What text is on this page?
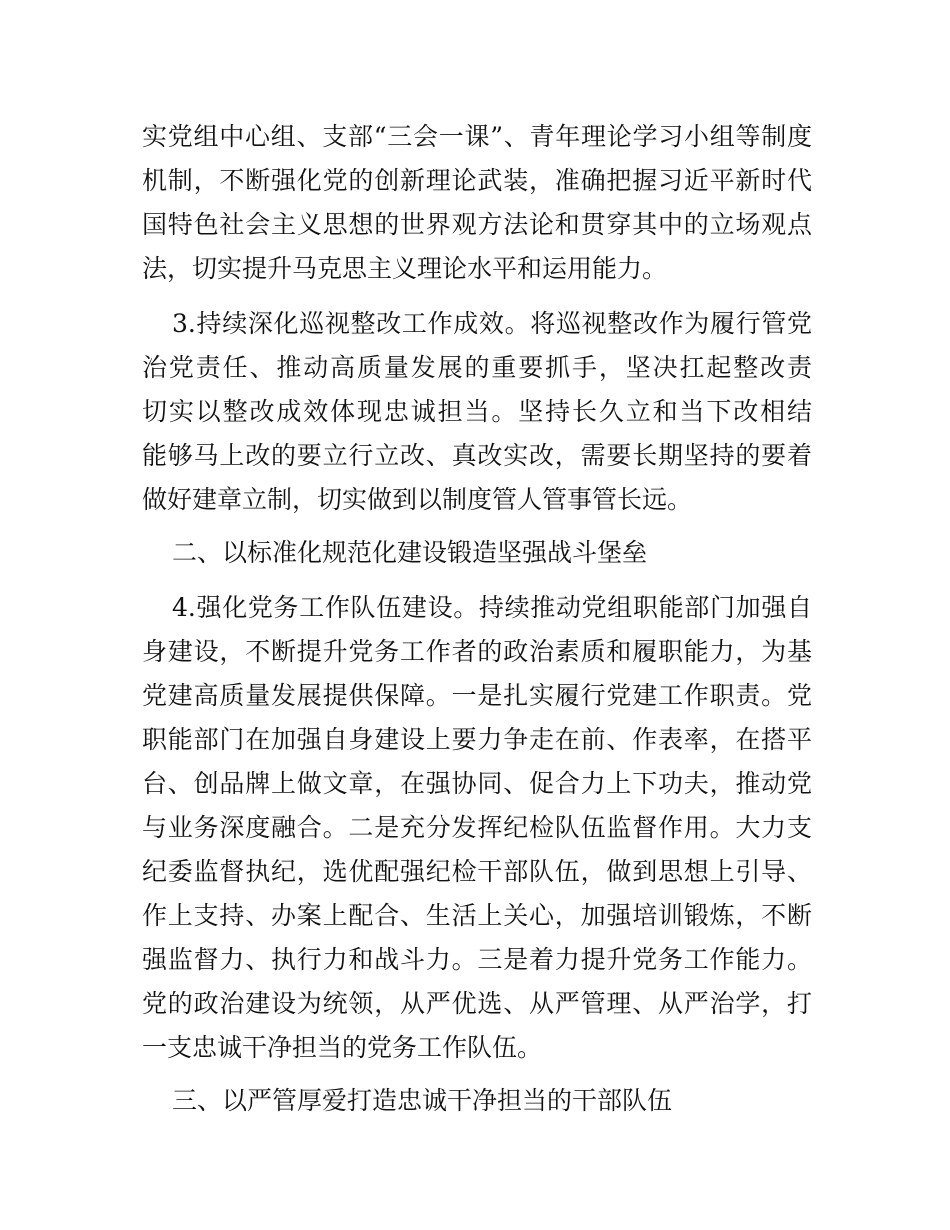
实党组中心组、支部“三会一课”、青年理论学习小组等制度
机制，不断强化党的创新理论武装，准确把握习近平新时代
国特色社会主义思想的世界观方法论和贯穿其中的立场观点
法，切实提升马克思主义理论水平和运用能力。
3.持续深化巡视整改工作成效。将巡视整改作为履行管党
治党责任、推动高质量发展的重要抓手，坚决扛起整改责
切实以整改成效体现忠诚担当。坚持长久立和当下改相结
能够马上改的要立行立改、真改实改，需要长期坚持的要着
做好建章立制，切实做到以制度管人管事管长远。
二、以标准化规范化建设锻造坚强战斗堡垒
4.强化党务工作队伍建设。持续推动党组职能部门加强自
身建设，不断提升党务工作者的政治素质和履职能力，为基
党建高质量发展提供保障。一是扎实履行党建工作职责。党
职能部门在加强自身建设上要力争走在前、作表率，在搭平
台、创品牌上做文章，在强协同、促合力上下功夫，推动党
与业务深度融合。二是充分发挥纪检队伍监督作用。大力支
纪委监督执纪，选优配强纪检干部队伍，做到思想上引导、
作上支持、办案上配合、生活上关心，加强培训锻炼，不断
强监督力、执行力和战斗力。三是着力提升党务工作能力。
党的政治建设为统领，从严优选、从严管理、从严治学，打
一支忠诚干净担当的党务工作队伍。
三、以严管厚爱打造忠诚干净担当的干部队伍
